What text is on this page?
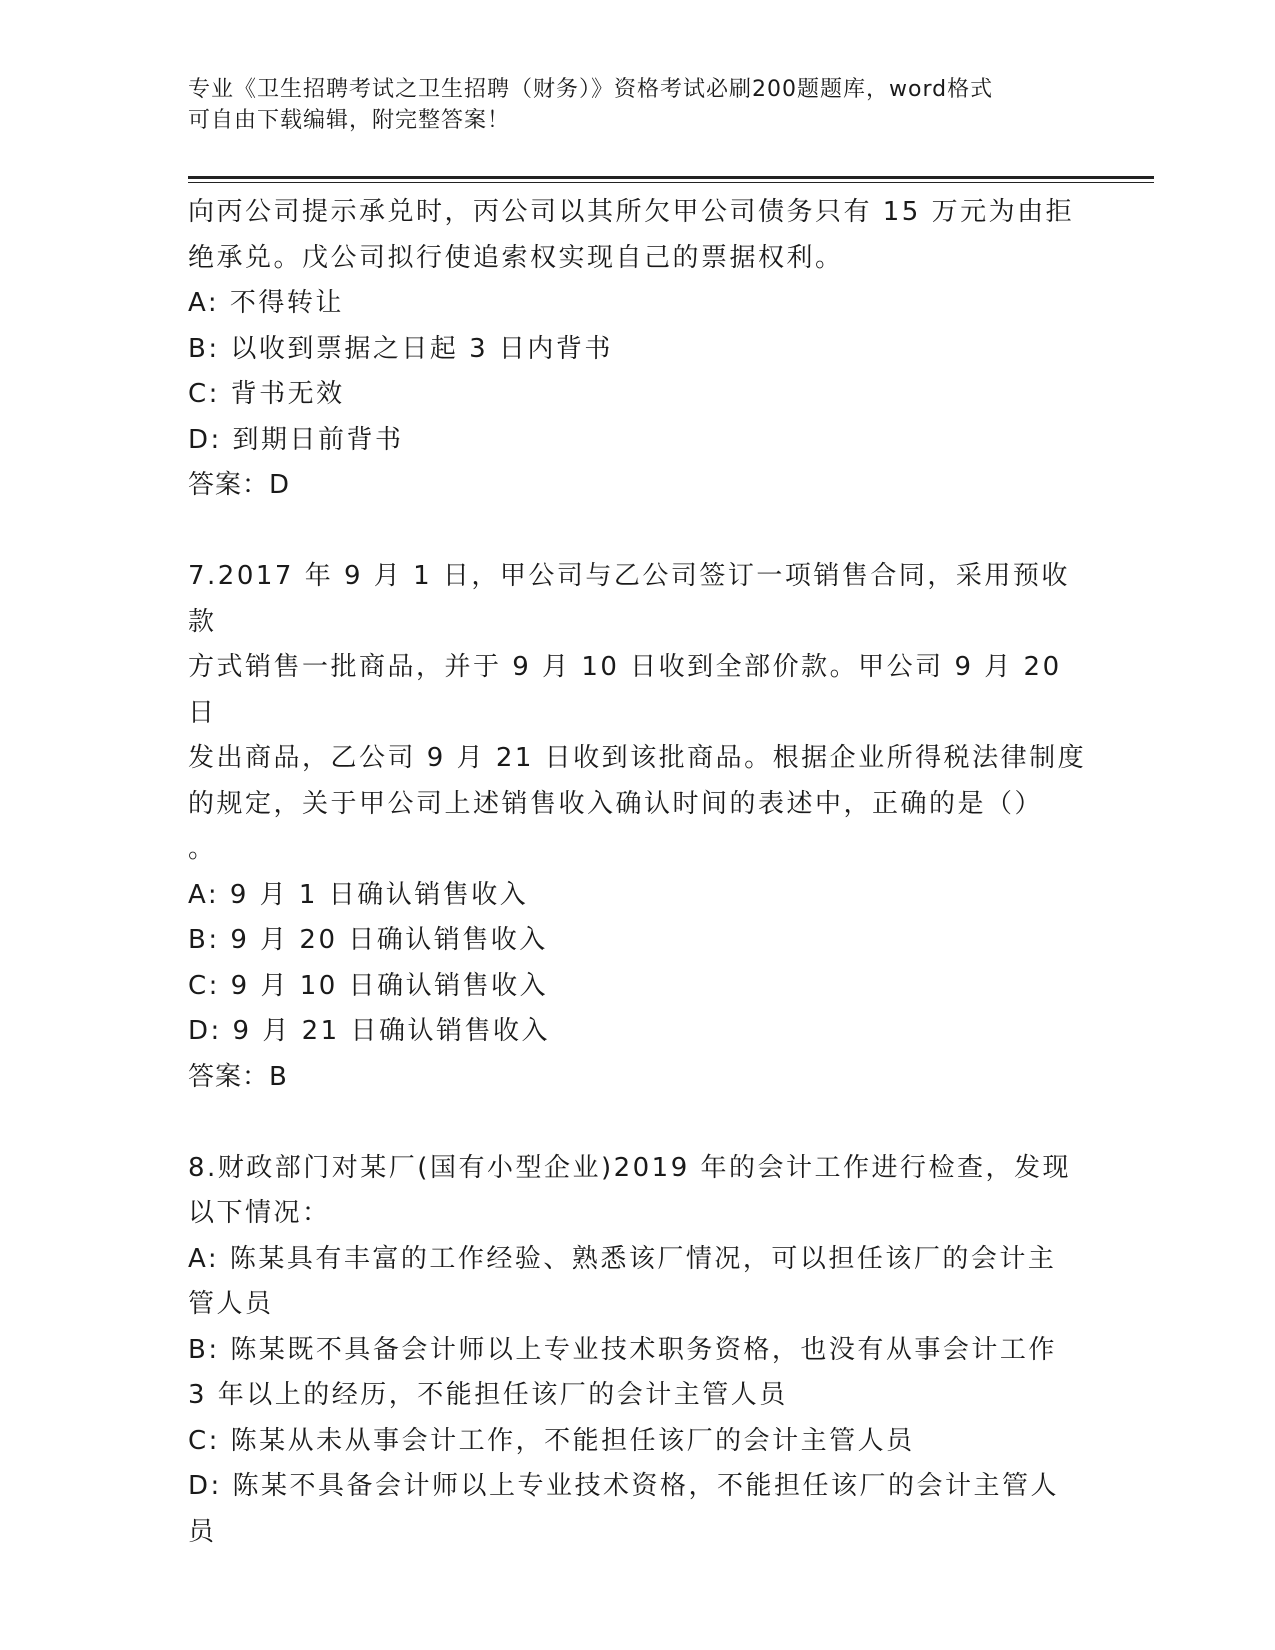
专业《卫生招聘考试之卫生招聘（财务）》资格考试必刷200题题库，word格式
可自由下载编辑，附完整答案！

向丙公司提示承兑时，丙公司以其所欠甲公司债务只有 15 万元为由拒

绝承兑。戊公司拟行使追索权实现自己的票据权利。

A: 不得转让

B: 以收到票据之日起 3 日内背书

C: 背书无效

D: 到期日前背书

答案：D

7.2017 年 9 月 1 日，甲公司与乙公司签订一项销售合同，采用预收款

方式销售一批商品，并于 9 月 10 日收到全部价款。甲公司 9 月 20 日

发出商品，乙公司 9 月 21 日收到该批商品。根据企业所得税法律制度

的规定，关于甲公司上述销售收入确认时间的表述中，正确的是（）

。

A: 9 月 1 日确认销售收入

B: 9 月 20 日确认销售收入

C: 9 月 10 日确认销售收入

D: 9 月 21 日确认销售收入

答案：B

8.财政部门对某厂(国有小型企业)2019 年的会计工作进行检查，发现

以下情况：

A: 陈某具有丰富的工作经验、熟悉该厂情况，可以担任该厂的会计主

管人员

B: 陈某既不具备会计师以上专业技术职务资格，也没有从事会计工作

3 年以上的经历，不能担任该厂的会计主管人员

C: 陈某从未从事会计工作，不能担任该厂的会计主管人员

D: 陈某不具备会计师以上专业技术资格，不能担任该厂的会计主管人

员
